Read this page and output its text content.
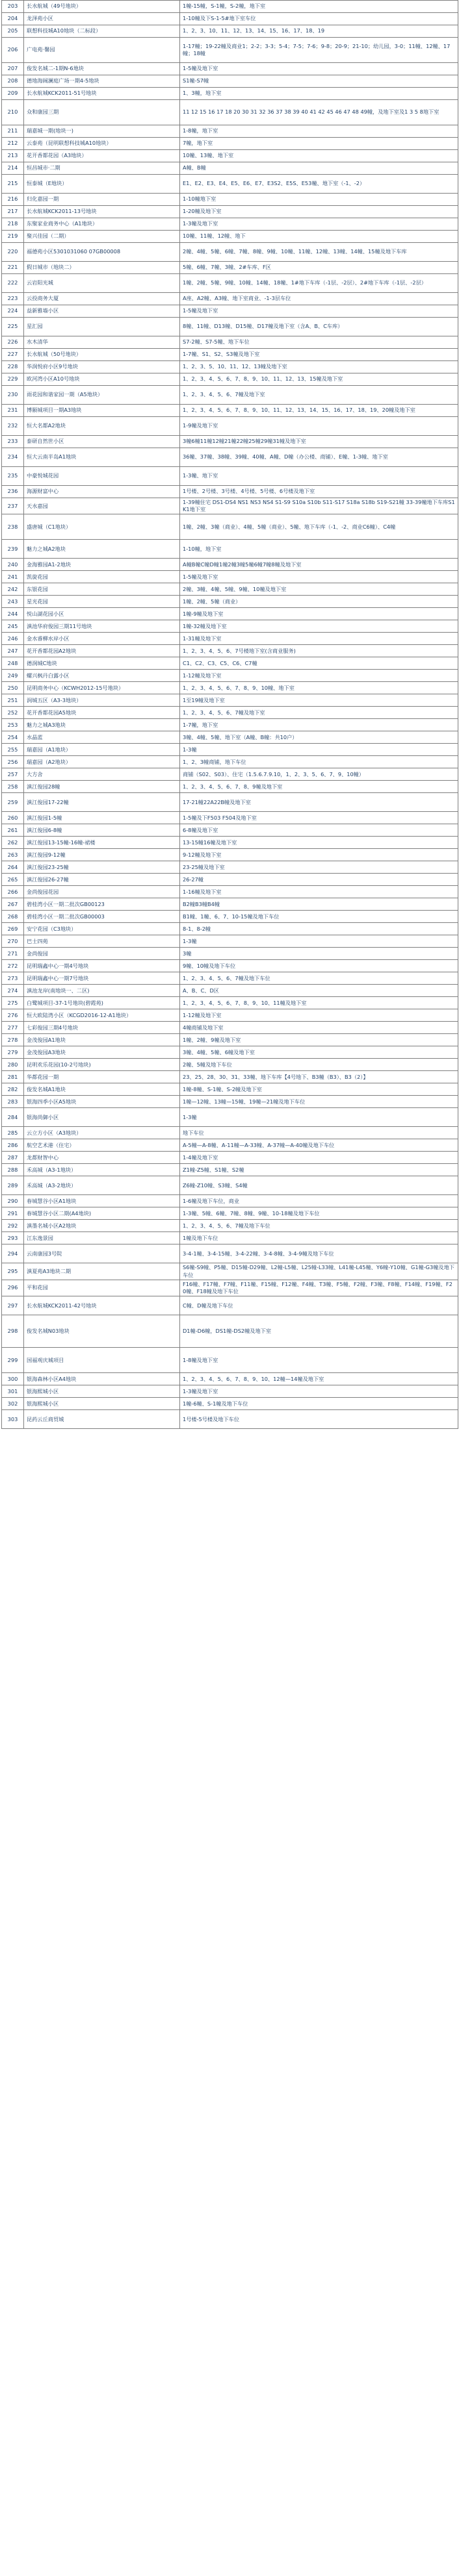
203	长水航城（49号地块）	1幢-15幢，S-1幢，S-2幢，地下室
204	龙泽苑小区	1-10幢及下S-1-5#地下室车位
205	联想科技城A10地块（二标段）	1、2、3、10、11、12、13、14、15、16、17、18、19
206	广电苑·馨园	1-17幢；19-22幢及商业1；2-2；3-3；5-4；7-5；7-6；9-8；20-9；21-10；幼儿园，3-0；11幢、12幢、17幢；18幢
207	俊发名城二-1期N-6地块	1-5幢及地下室
208	德地海阔澜庭广场一期4-5地块	S1幢-S7幢
209	长水航城KCK2011-51号地块	1、3幢，地下室
210	众和康园三期	11 12 15 16 17 18 20 30 31 32 36 37 38 39 40 41 42 45 46 47 48 49幢，及地下室及1 3 5 8地下室
211	瑞嘉城一期(地块一)	1-8幢，地下室
212	云泰苑（昆明联想科技城A10地块）	7幢，地下室
213	花开香都花园（A3地块）	10幢、13幢、地下室
214	恒昌城市·二期	A幢、B幢
215	恒泰城（E地块）	E1、E2、E3、E4、E5、E6、E7、E3S2、E5S、E53幢、地下室（-1、-2）
216	归化嘉园一期	1-10幢地下室
217	长水航城KCK2011-13号地块	1-20幢及地下室
218	东聚家业商务中心（A1地块）	1-3幢及地下室
219	聚兴佳园（二期）	10幢、11幢、12幢、地下
220	福德苑小区5301031060 07GB00008	2幢、4幢、5幢、6幢、7幢、8幢、9幢、10幢、11幢、12幢、13幢、14幢、15幢及地下车库
221	假日城市（地块二）	5幢、6幢、7幢、3幢、2#车库、F区
222	云岩阳光城	1幢、2幢、5幢、9幢、10幢、14幢、18幢、1#地下车库（-1层、-2层）、2#地下车库（-1层、-2层）
223	云投商务大厦	A座、A2幢、A3幢、地下室商业、-1-3层车位
224	益新雅墙小区	1-5幢及地下室
225	星汇园	8幢、11幢、D13幢、D15幢、D17幢及地下室（含A、B、C车库）
226	水木清华	S7-2幢、S7-5幢、地下车位
227	长水航城（50号地块）	1-7幢、S1、S2、S3幢及地下室
228	华润悦府小区9号地块	1、2、3、5、10、11、12、13幢及地下室
229	欧河湾小区A10号地块	1、2、3、4、5、6、7、8、9、10、11、12、13、15幢及地下室
230	雨花园和谐家园一期（A5地块）	1、2、3、4、5、6、7幢及地下室
231	博颐城项目一期A3地块	1、2、3、4、5、6、7、8、9、10、11、12、13、14、15、16、17、18、19、20幢及地下室
232	恒大名都A2地块	1-9幢及地下室
233	泰研自然世小区	3幢6幢11幢12幢21幢22幢25幢29幢31幢及地下室
234	恒大云南半岛A1地块	36幢、37幢、38幢、39幢、40幢、A幢、D幢（办公楼、商铺）、E幢、1-3幢、地下室
235	中豪悦城花园	1-3幢、地下室
236	海源财富中心	1号楼、2号楼、3号楼、4号楼、5号楼、6号楼及地下室
237	天水嘉园	1-39幢住宅 DS1-DS4 NS1 NS3 NS4 S1-S9 S10a S10b S11-S17 S18a S18b S19-S21幢 33-39幢地下车库S1 K1地下室
238	盛唐城（C1地块）	1幢、2幢、3幢（商业）、4幢、5幢（商业）、5幢、地下车库（-1、-2、商业C6幢）、C4幢
239	魅力之城A2地块	1-10幢，地下室
240	金海雅园A1-2地块	A幢B幢C幢D幢1幢2幢3幢5幢6幢7幢8幢及地下室
241	凯旋花园	1-5幢及地下室
242	东银花园	2幢、3幢、4幢、5幢、9幢、10幢及地下室
243	星光花园	1幢、2幢、5幢（商业）
244	悦山湖花园小区	1幢-9幢及地下室
245	滇池华府俊园三期11号地块	1幢-32幢及地下室
246	金水睿柳水岸小区	1-31幢及地下室
247	花开香都花园A2地块	1、2、3、4、5、6、7号楼地下室(含商业服务)
248	德润城C地块	C1、C2、C3、C5、C6、C7幢
249	螺兴枫丹白露小区	1-12幢及地下室
250	昆明商务中心（KCWH2012-15号地块）	1、2、3、4、5、6、7、8、9、10幢、地下室
251	润城五区（A3-3地块）	1至19幢及地下室
252	花开香都花园A5地块	1、2、3、4、5、6、7幢及地下室
253	魅力之城A3地块	1-7幢，地下室
254	水晶蓝	3幢、4幢、5幢、地下室（A幢、B幢：共10户）
255	瑞嘉园（A1地块）	1-3幢
256	瑞嘉园（A2地块）	1、2、3幢商铺，地下车位
257	大方舍	商铺（S02、S03）、住宅（1.5.6.7.9.10，1、2、3、5、6、7、9、10幢）
258	滇江俊园28幢	1、2、3、4、5、6、7、8、9幢及地下室
259	滇江俊园17-22幢	17-21幢22A22B幢及地下室
260	滇江俊园1-5幢	1-5幢及下F503 F504及地下室
261	滇江俊园6-8幢	6-8幢及地下室
262	滇江俊园13-15幢-16幢-裙楼	13-15幢16幢及地下室
263	滇江俊园9-12幢	9-12幢及地下室
264	滇江俊园23-25幢	23-25幢及地下室
265	滇江俊园26-27幢	26-27幢
266	金尚俊园花园	1-16幢及地下室
267	碧桂湾小区一期二批次GB00123	B2幢B3幢B4幢
268	碧桂湾小区一期二批次GB00003	B1幢、1幢、6、7、10-15幢及地下车位
269	安宁花园（C3地块）	8-1、8-2幢
270	巴士四苑	1-3幢
271	金尚俊园	3幢
272	昆明瑞鑫中心一期4号地块	9幢、10幢及地下车位
273	昆明瑞鑫中心一期7号地块	1、2、3、4、5、6、7幢及地下车位
274	滇池龙岸(南地块一、二区)	A、B、C、D区
275	白鹭城项目-37-1号地块(碧霞苑)	1、2、3、4、5、6、7、8、9、10、11幢及地下室
276	恒大欧陆湾小区（KCGD2016-12-A1地块）	1-12幢及地下室
277	七彩俊园三期4号地块	4幢商铺及地下室
278	金茂俊园A1地块	1幢、2幢、9幢及地下室
279	金茂俊园A3地块	3幢、4幢、5幢、6幢及地下室
280	昆明欢乐花园(10-2号地块)	2幢、5幢及地下车位
281	华都花园一期	23、25、28、30、31、33幢、地下车库【4号地下、B3幢（B3）、B3（2）】
282	俊发名城A1地块	1幢-8幢、S-1幢、S-2幢及地下室
283	银海四季小区A5地块	1幢—12幢、13幢—15幢、19幢—21幢及地下车位
284	银海尚御小区	1-3幢
285	云立方小区（A3地块）	地下车位
286	航空艺术港（住宅）	A-5幢—A-8幢、A-11幢—A-33幢、A-37幢—A-40幢及地下车位
287	龙都财智中心	1-4幢及地下室
288	禾高城（A3-1地块）	Z1幢-Z5幢、S1幢、S2幢
289	禾高城（A3-2地块）	Z6幢-Z10幢、S3幢、S4幢
290	春城慧谷小区A1地块	1-6幢及地下车位，商业
291	春城慧谷小区二期(A4地块)	1-3幢、5幢、6幢、7幢、8幢、9幢、10-18幢及地下车位
292	滇墨名城小区A2地块	1、2、3、4、5、6、7幢及地下车位
293	江东逸景园	1幢及地下车位
294	云南康园3号院	3-4-1幢、3-4-15幢、3-4-22幢、3-4-8幢、3-4-9幢及地下车位
295	滇夏苑A3地块二期	S6幢-S9幢、P5幢、D15幢-D29幢、L2幢-L5幢、L25幢-L33幢、L41幢-L45幢、Y6幢-Y10幢、G1幢-G3幢及地下车位
296	平和花园	F16幢、F17幢、F7幢、F11幢、F15幢、F12幢、F4幢、T3幢、F5幢、F2幢、F3幢、F8幢、F14幢、F19幢、F20幢、F18幢及地下车位
297	长水航城KCK2011-42号地块	C幢、D幢及地下车位
298	俊发名城N03地块	D1幢-D6幢，DS1幢-DS2幢及地下室
299	国福观庆城项目	1-8幢及地下室
300	银海森林小区A4地块	1、2、3、4、5、6、7、8、9、10、12幢—14幢及地下室
301	银海熙城小区	1-3幢及地下室
302	银海熙城小区	1幢-6幢、S-1幢及地下车位
303	昆药云丘商贸城	1号楼-5号楼及地下车位
